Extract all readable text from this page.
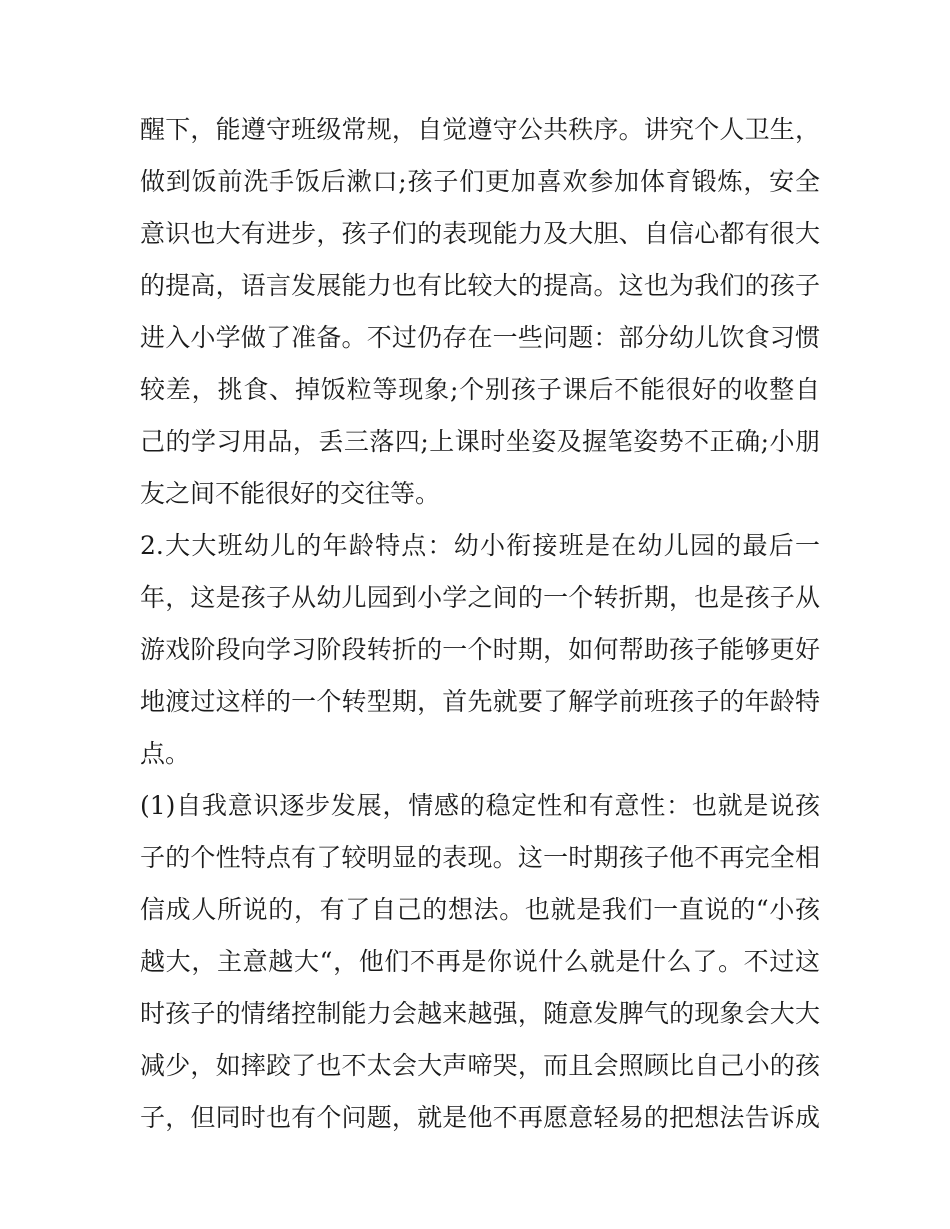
醒下，能遵守班级常规，自觉遵守公共秩序。讲究个人卫生，
做到饭前洗手饭后漱口;孩子们更加喜欢参加体育锻炼，安全
意识也大有进步，孩子们的表现能力及大胆、自信心都有很大
的提高，语言发展能力也有比较大的提高。这也为我们的孩子
进入小学做了准备。不过仍存在一些问题：部分幼儿饮食习惯
较差，挑食、掉饭粒等现象;个别孩子课后不能很好的收整自
己的学习用品，丢三落四;上课时坐姿及握笔姿势不正确;小朋
友之间不能很好的交往等。
2.大大班幼儿的年龄特点：幼小衔接班是在幼儿园的最后一
年，这是孩子从幼儿园到小学之间的一个转折期，也是孩子从
游戏阶段向学习阶段转折的一个时期，如何帮助孩子能够更好
地渡过这样的一个转型期，首先就要了解学前班孩子的年龄特
点。
(1)自我意识逐步发展，情感的稳定性和有意性：也就是说孩
子的个性特点有了较明显的表现。这一时期孩子他不再完全相
信成人所说的，有了自己的想法。也就是我们一直说的“小孩
越大，主意越大“，他们不再是你说什么就是什么了。不过这
时孩子的情绪控制能力会越来越强，随意发脾气的现象会大大
减少，如摔跤了也不太会大声啼哭，而且会照顾比自己小的孩
子，但同时也有个问题，就是他不再愿意轻易的把想法告诉成
